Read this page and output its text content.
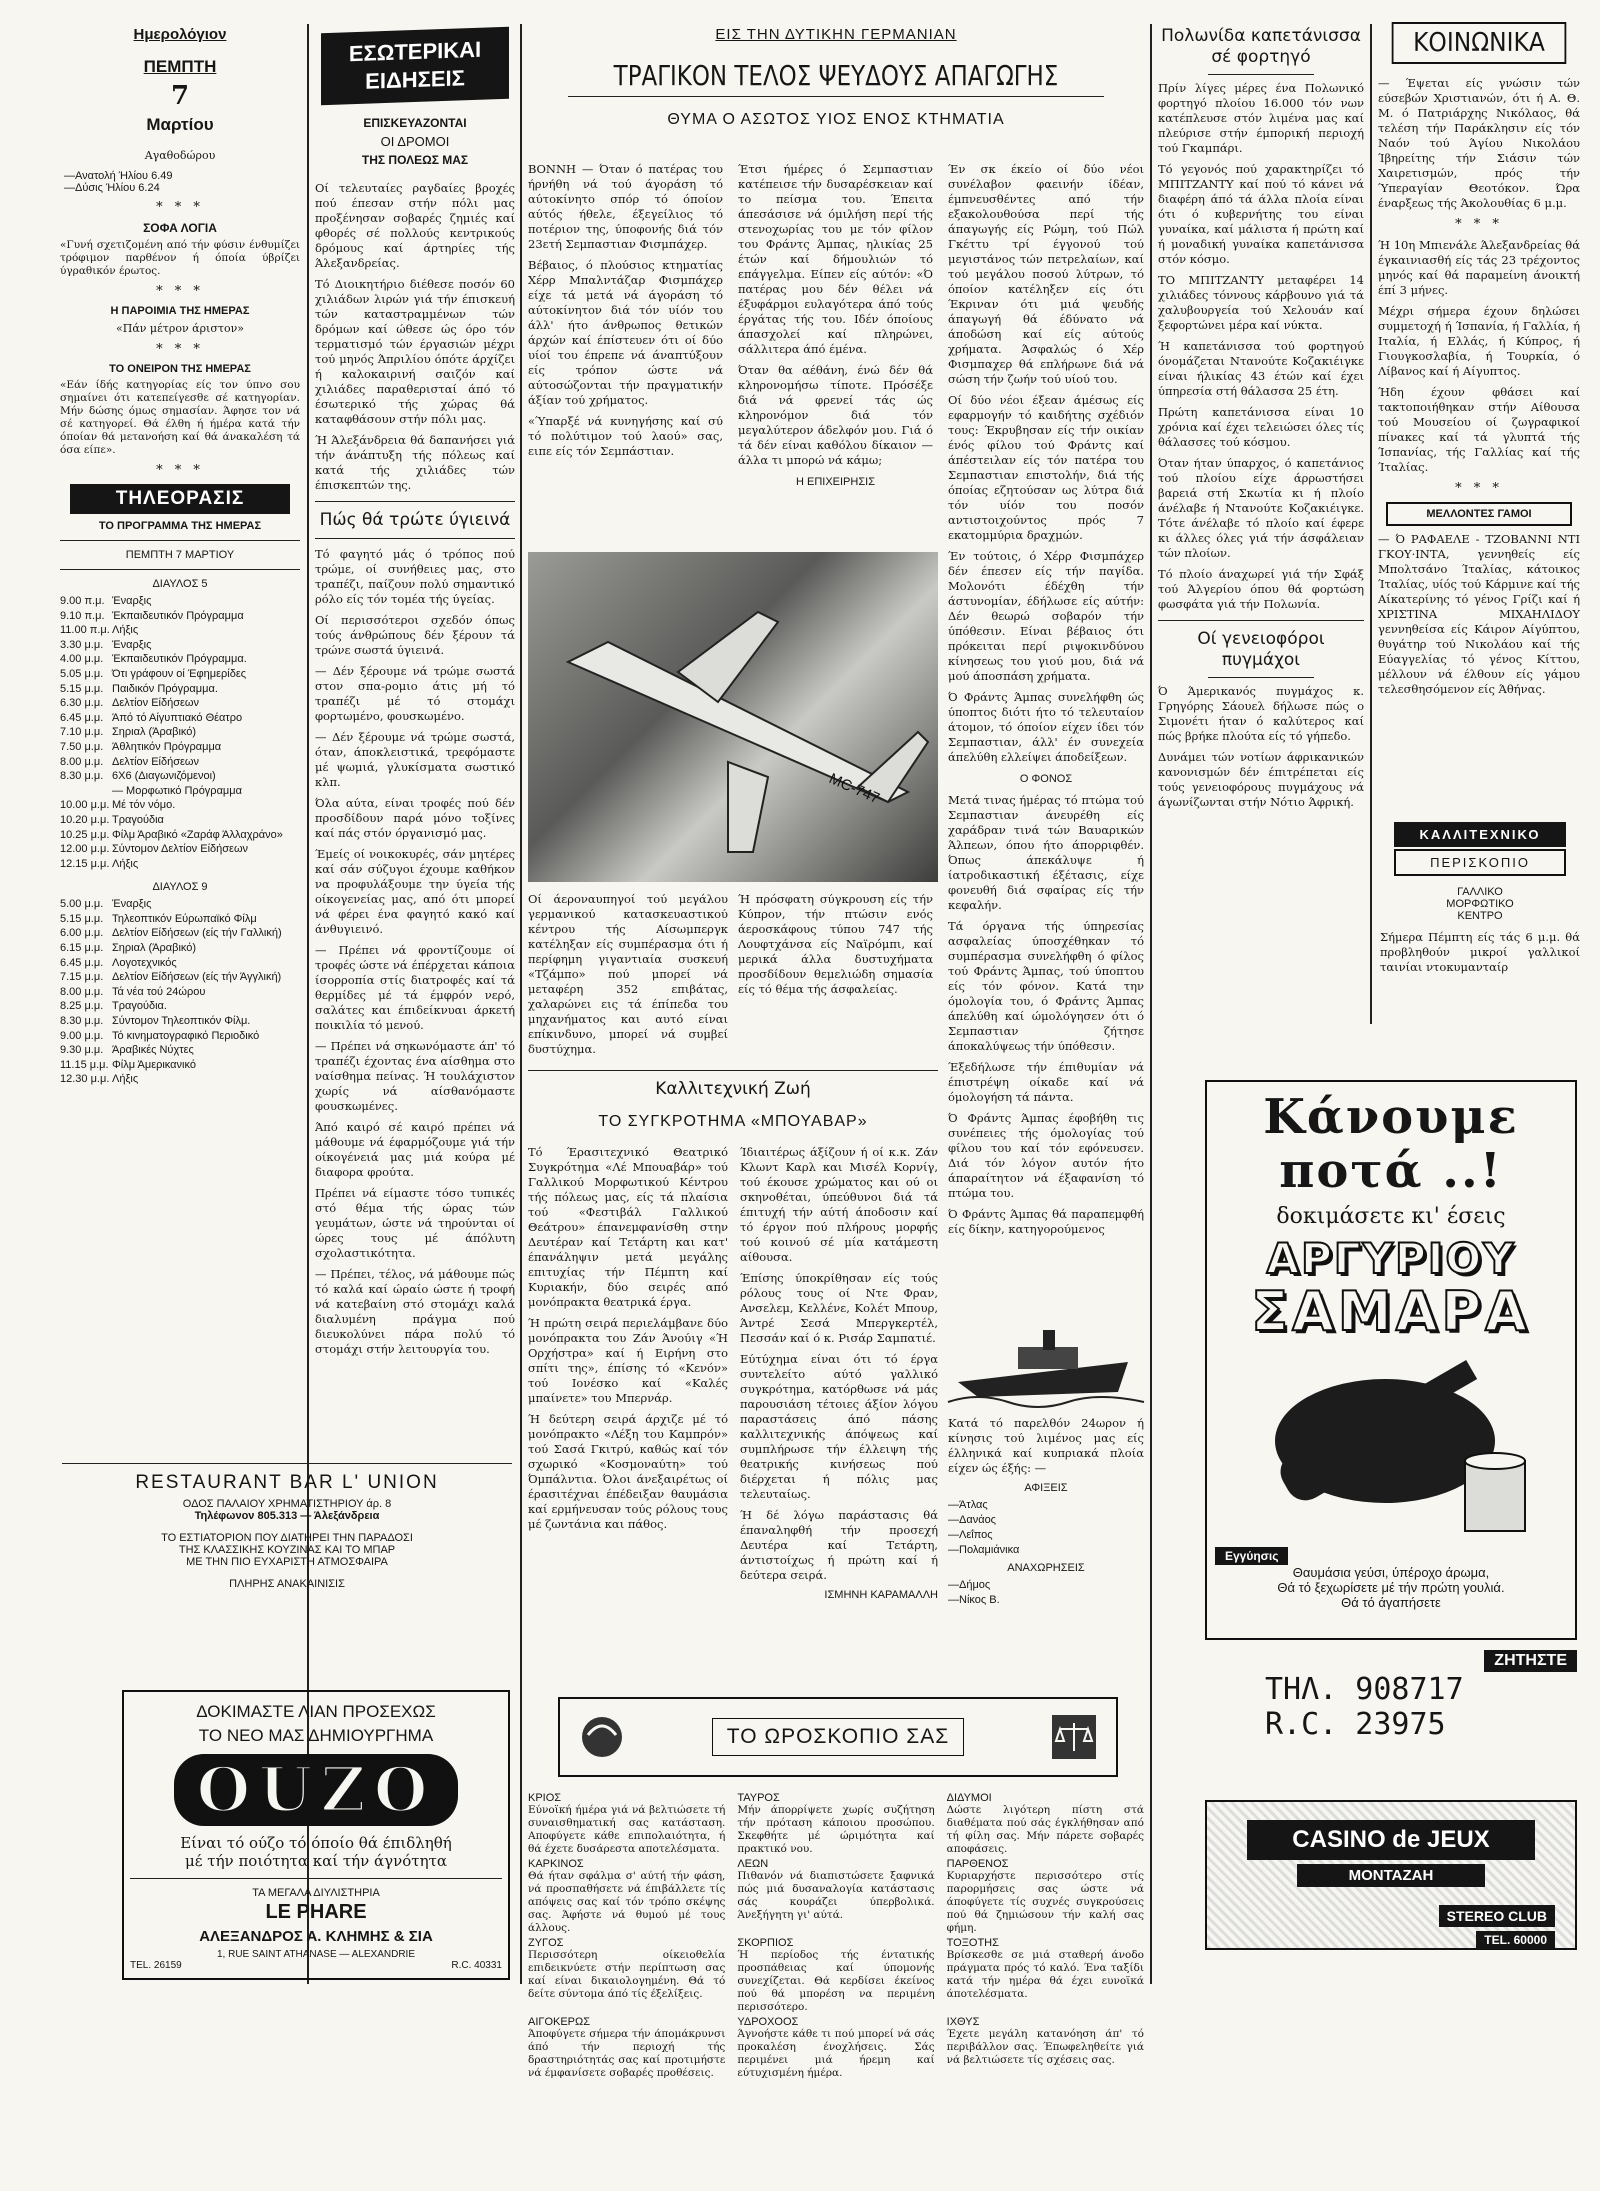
Ημερολόγιον
ΠΕΜΠΤΗ
7
Μαρτίου
Αγαθοδώρου
—Ανατολή Ήλίου 6.49
—Δύσις Ήλίου 6.24
* * *
ΣΟΦΑ ΛΟΓΙΑ

«Γυνή σχετιζομένη από τήν φύσιν ένθυμίζει τρόφιμον παρθένον ή όποία ύβρίζει ύγραθικόν έρωτος.

* * *
Η ΠΑΡΟΙΜΙΑ ΤΗΣ ΗΜΕΡΑΣ

«Πάν μέτρον άριστον»

* * *
ΤΟ ΟΝΕΙΡΟΝ ΤΗΣ ΗΜΕΡΑΣ

«Εάν ίδής κατηγορίας είς τον ύπνο σου σημαίνει ότι κατεπείγεσθε σέ κατηγορίαν. Μήν δώσης όμως σημασίαν. Άφησε τον νά σέ κατηγορεί. Θά έλθη ή ήμέρα κατά τήν όποίαν θά μετανοήση καί θά άνακαλέση τά όσα είπε».

* * *
ΤΗΛΕΟΡΑΣΙΣ
ΤΟ ΠΡΟΓΡΑΜΜΑ ΤΗΣ ΗΜΕΡΑΣ
ΠΕΜΠΤΗ 7 ΜΑΡΤΙΟΥ
ΔΙΑΥΛΟΣ 5
9.00 π.μ. Έναρξις
9.10 π.μ. Έκπαιδευτικόν Πρόγραμμα
11.00 π.μ. Λήξις
3.30 μ.μ. Έναρξις
4.00 μ.μ. Έκπαιδευτικόν Πρόγραμμα.
5.05 μ.μ. Ότι γράφουν οί Έφημερίδες
5.15 μ.μ. Παιδικόν Πρόγραμμα.
6.30 μ.μ. Δελτίον Είδήσεων
6.45 μ.μ. Άπό τό Αίγυπτιακό Θέατρο
7.10 μ.μ. Σηριαλ (Άραβικό)
7.50 μ.μ. Άθλητικόν Πρόγραμμα
8.00 μ.μ. Δελτίον Είδήσεων
8.30 μ.μ. 6Χ6 (Διαγωνιζόμενοι)
— Μορφωτικό Πρόγραμμα
10.00 μ.μ. Μέ τόν νόμο.
10.20 μ.μ. Τραγούδια
10.25 μ.μ. Φίλμ Άραβικό «Ζαράφ Άλλαχράνο»
12.00 μ.μ. Σύντομον Δελτίον Είδήσεων
12.15 μ.μ. Λήξις
ΔΙΑΥΛΟΣ 9
5.00 μ.μ. Έναρξις
5.15 μ.μ. Τηλεοπτικόν Εύρωπαϊκό Φίλμ
6.00 μ.μ. Δελτίον Είδήσεων (είς τήν Γαλλική)
6.15 μ.μ. Σηριαλ (Άραβικό)
6.45 μ.μ. Λογοτεχνικός
7.15 μ.μ. Δελτίον Είδήσεων (είς τήν Άγγλική)
8.00 μ.μ. Τά νέα τού 24ώρου
8.25 μ.μ. Τραγούδια.
8.30 μ.μ. Σύντομον Τηλεοπτικόν Φίλμ.
9.00 μ.μ. Τό κινηματογραφικό Περιοδικό
9.30 μ.μ. Άραβικές Νύχτες
11.15 μ.μ. Φίλμ Άμερικανικό
12.30 μ.μ. Λήξις
ΕΣΩΤΕΡΙΚΑΙ
ΕΙΔΗΣΕΙΣ
ΕΠΙΣΚΕΥΑΖΟΝΤΑΙ
ΟΙ ΔΡΟΜΟΙ
ΤΗΣ ΠΟΛΕΩΣ ΜΑΣ

Οί τελευταίες ραγδαίες βροχές πού έπεσαν στήν πόλι μας προξένησαν σοβαρές ζημιές καί φθορές σέ πολλούς κεντρικούς δρόμους καί άρτηρίες τής Άλεξανδρείας.

Τό Διοικητήριο διέθεσε ποσόν 60 χιλιάδων λιρών γιά τήν έπισκευή τών καταστραμμένων τών δρόμων καί ώθεσε ώς όρο τόν τερματισμό τών έργασιών μέχρι τού μηνός Άπριλίου όπότε άρχίζει ή καλοκαιρινή σαιζόν καί χιλιάδες παραθερισταί άπό τό έσωτερικό τής χώρας θά καταφθάσουν στήν πόλι μας.

Ή Άλεξάνδρεια θά δαπανήσει γιά τήν άνάπτυξη τής πόλεως καί κατά τής χιλιάδες τών έπισκεπτών της.

Πώς θά τρώτε ύγιεινά

Τό φαγητό μάς ό τρόπος πού τρώμε, οί συνήθειες μας, στο τραπέζι, παίζουν πολύ σημαντικό ρόλο είς τόν τομέα τής ύγείας.

Οί περισσότεροι σχεδόν όπως τούς άνθρώπους δέν ξέρουν τά τρώνε σωστά ύγιεινά.

— Δέν ξέρουμε νά τρώμε σωστά στον σπα-ρομιο άτις μή τό τραπέζι μέ τό στομάχι φορτωμένο, φουσκωμένο.

— Δέν ξέρουμε νά τρώμε σωστά, όταν, άποκλειστικά, τρεφόμαστε μέ ψωμιά, γλυκίσματα σωστικό κλπ.

Όλα αύτα, είναι τροφές πού δέν προσδίδουν παρά μόνο τοξίνες καί πάς στόν όργανισμό μας.

Έμείς οί νοικοκυρές, σάν μητέρες καί σάν σύζυγοι έχουμε καθήκον να προφυλάξουμε την ύγεία τής οίκογενείας μας, από ότι μπορεί νά φέρει ένα φαγητό κακό καί άνθυγιεινό.

— Πρέπει νά φροντίζουμε οί τροφές ώστε νά έπέρχεται κάποια ίσορροπία στίς διατροφές καί τά θερμίδες μέ τά έμφρόν νερό, σαλάτες και έπιδείκνυαι άρκετή ποικιλία τό μενού.

— Πρέπει νά σηκωνόμαστε άπ' τό τραπέζι έχοντας ένα αίσθημα στο ναίσθημα πείνας. Ή τουλάχιστον χωρίς νά αίσθανόμαστε φουσκωμένες.

Άπό καιρό σέ καιρό πρέπει νά μάθουμε νά έφαρμόζουμε γιά τήν οίκογένειά μας μιά κούρα μέ διαφορα φρούτα.

Πρέπει νά είμαστε τόσο τυπικές στό θέμα τής ώρας τών γευμάτων, ώστε νά τηρούνται οί ώρες τους μέ άπόλυτη σχολαστικότητα.

— Πρέπει, τέλος, νά μάθουμε πώς τό καλά καί ώραίο ώστε ή τροφή νά κατεβαίνη στό στομάχι καλά διαλυμένη πράγμα πού διευκολύνει πάρα πολύ τό στομάχι στήν λειτουργία του.

ΕΙΣ ΤΗΝ ΔΥΤΙΚΗΝ ΓΕΡΜΑΝΙΑΝ
ΤΡΑΓΙΚΟΝ ΤΕΛΟΣ ΨΕΥΔΟΥΣ ΑΠΑΓΩΓΗΣ
ΘΥΜΑ Ο ΑΣΩΤΟΣ ΥΙΟΣ ΕΝΟΣ ΚΤΗΜΑΤΙΑ

ΒΟΝΝΗ — Όταν ό πατέρας του ήρνήθη νά τού άγοράση τό αύτοκίνητο σπόρ τό όποίον αύτός ήθελε, έξεγείλιος τό ποτέριον της, ύποφονής διά τόν 23ετή Σεμπαστιαν Φισμπάχερ.

Βέβαιος, ό πλούσιος κτηματίας Χέρρ Μπαλντάζαρ Φισμπάχερ είχε τά μετά νά άγοράση τό αύτοκίνητον διά τόν υίόν του άλλ' ήτο άνθρωπος θετικών άρχών καί έπίστευεν ότι οί δύο υίοί του έπρεπε νά άναπτύξουν είς τρόπον ώστε νά αύτοσώζονται τήν πραγματικήν άξίαν τού χρήματος.

«Ύπαρξέ νά κυνηγήσης καί σύ τό πολύτιμον τού λαού» σας, ειπε είς τόν Σεμπάστιαν.

Έτσι ήμέρες ό Σεμπαστιαν κατέπεισε τήν δυσαρέσκειαν καί το πείσμα του. Έπειτα άπεσάσισε νά όμιλήση περί τής στενοχωρίας του με τόν φίλον του Φράντς Άμπας, ηλικίας 25 έτών καί δήμουλιών τό επάγγελμα. Είπεν είς αύτόν: «Ό πατέρας μου δέν θέλει νά έξυφάρμοι ευλαγότερα άπό τούς έργάτας τής του. Ιδέν όποίους άπασχολεί καί πληρώνει, σάλλιτερα άπό έμένα.

Όταν θα αέθάνη, ένώ δέν θά κληρονομήσω τίποτε. Πρόσέξε διά νά φρενεί τάς ώς κληρονόμον διά τόν μεγαλύτερον άδελφόν μου. Γιά ό τά δέν είναι καθόλου δίκαιον — άλλα τι μπορώ νά κάμω;

Η ΕΠΙΧΕΙΡΗΣΙΣ

Έν σκ έκείο οί δύο νέοι συνέλαβον φαεινήν ίδέαν, έμπνευσθέντες από τήν εξακολουθούσα περί τής άπαγωγής είς Ρώμη, τού Πώλ Γκέττυ τρί έγγονού τού μεγιστάνος τών πετρελαίων, καί τού μεγάλου ποσού λύτρων, τό όποίον κατέληξεν είς ότι Έκριναν ότι μιά ψευδής άπαγωγή θά έδύνατο νά άποδώση καί είς αύτούς χρήματα. Άσφαλώς ό Χέρ Φισμπαχερ θά επλήρωνε διά νά σώση τήν ζωήν τού υίού του.

Οί δύο νέοι έξεαν άμέσως είς εφαρμογήν τό καιδήτης σχέδιόν τους: Έκρυβησαν είς τήν οικίαν ένός φίλου τού Φράντς καί άπέστειλαν είς τόν πατέρα του Σεμπαστιαν επιστολήν, διά τής όποίας εζητούσαν ως λύτρα διά τόν υίόν του ποσόν αντιστοιχούντος πρός 7 εκατομμύρια δραχμών.

Έν τούτοις, ό Χέρρ Φισμπάχερ δέν έπεσεν είς τήν παγίδα. Μολονότι έδέχθη τήν άστυνομίαν, έδήλωσε είς αύτήν: Δέν θεωρώ σοβαρόν τήν ύπόθεσιν. Είναι βέβαιος ότι πρόκειται περί ριψοκινδύνου κίνησεως του γιού μου, διά νά μού άποσπάση χρήματα.

Ό Φράντς Άμπας συνελήφθη ώς ύποπτος διότι ήτο τό τελευταίον άτομον, τό όποίον είχεν ίδει τόν Σεμπαστιαν, άλλ' έν συνεχεία άπελύθη ελλείψει άποδείξεων.

Ο ΦΟΝΟΣ

Μετά τινας ήμέρας τό πτώμα τού Σεμπαστιαν άνευρέθη είς χαράδραν τινά τών Βαυαρικών Άλπεων, όπου ήτο άπορριφθέν. Όπως άπεκάλυψε ή ίατροδικαστική έξέτασις, είχε φονευθή διά σφαίρας είς τήν κεφαλήν.

Τά όργανα τής ύπηρεσίας ασφαλείας ύποσχέθηκαν τό συμπέρασμα συνελήφθη ό φίλος τού Φράντς Άμπας, τού ύποπτου είς τόν φόνον. Κατά την όμολογία του, ό Φράντς Άμπας άπελύθη καί ώμολόγησεν ότι ό Σεμπαστιαν ζήτησε άποκαλύψεως τήν ύπόθεσιν.

Έξεδήλωσε τήν έπιθυμίαν νά έπιστρέψη οίκαδε καί νά όμολογήση τά πάντα.

Ό Φράντς Άμπας έφοβήθη τις συνέπειες τής όμολογίας τού φίλου του καί τόν εφόνευσεν. Διά τόν λόγον αυτόν ήτο άπαραίτητον νά έξαφανίση τό πτώμα του.

Ό Φράντς Άμπας θά παραπεμφθή είς δίκην, κατηγορούμενος

MC-747

Οί άεροναυπηγοί τού μεγάλου γερμανικού κατασκευαστικού κέντρου τής Αίσωμπεργκ κατέληξαν είς συμπέρασμα ότι ή περίφημη γιγαντιαία συσκευή «Τζάμπο» πού μπορεί νά μεταφέρη 352 επιβάτας, χαλαρώνει εις τά έπίπεδα του μηχανήματος και αυτό είναι επίκινδυνο, μπορεί νά συμβεί δυστύχημα.

Ή πρόσφατη σύγκρουση είς τήν Κύπρον, τήν πτώσιν ενός άεροσκάφους τύπου 747 τής Λουφτχάνσα είς Ναϊρόμπι, καί μερικά άλλα δυστυχήματα προσδίδουν θεμελιώδη σημασία είς τό θέμα τής άσφαλείας.

Καλλιτεχνική Ζωή
ΤΟ ΣΥΓΚΡΟΤΗΜΑ «ΜΠΟΥΑΒΑΡ»

Τό Έρασιτεχνικό Θεατρικό Συγκρότημα «Λέ Μπουαβάρ» τού Γαλλικού Μορφωτικού Κέντρου τής πόλεως μας, είς τά πλαίσια τού «Φεστιβάλ Γαλλικού Θεάτρου» έπανεμφανίσθη στην Δευτέραν καί Τετάρτη και κατ' έπανάληψιν μετά μεγάλης επιτυχίας τήν Πέμπτη καί Κυριακήν, δύο σειρές από μονόπρακτα θεατρικά έργα.

Ή πρώτη σειρά περιελάμβανε δύο μονόπρακτα του Ζάν Άνούιγ «Ή Ορχήστρα» καί ή Ειρήνη στο σπίτι της», έπίσης τό «Κενόν» τού Ιονέσκο καί «Καλές μπαίνετε» του Μπερνάρ.

Ή δεύτερη σειρά άρχιζε μέ τό μονόπρακτο «Λέξη του Καμπρόν» τού Σασά Γκιτρύ, καθώς καί τόν σχωρικό «Κοσμοναύτη» τού Όμπάλντια. Όλοι άνεξαιρέτως οί έρασιτέχναι έπέδειξαν θαυμάσια καί ερμήνευσαν τούς ρόλους τους μέ ζωντάνια και πάθος.

Ίδιαιτέρως άξίζουν ή οί κ.κ. Ζάν Κλωντ Καρλ και Μισέλ Κορνίγ, τού έκουσε χρώματος και ού οι σκηνοθέται, ύπεύθυνοι διά τά έπιτυχή τήν αύτή άποδοσιν καί τό έργον πού πλήρους μορφής τού κοινού σέ μία κατάμεστη αίθουσα.

Έπίσης ύποκρίθησαν είς τούς ρόλους τους οί Ντε Φραν, Ανσελεμ, Κελλένε, Κολέτ Μπουρ, Άντρέ Σεσά Μπεργκερτέλ, Πεσσάν καί ό κ. Ρισάρ Σαμπατιέ.

Εύτύχημα είναι ότι τό έργα συντελείτο αύτό γαλλικό συγκρότημα, κατόρθωσε νά μάς παρουσιάση τέτοιες άξίον λόγου παραστάσεις άπό πάσης καλλιτεχνικής άπόψεως καί συμπλήρωσε τήν έλλειψη τής θεατρικής κινήσεως πού διέρχεται ή πόλις μας τελευταίως.

Ή δέ λόγω παράστασις θά έπαναληφθή τήν προσεχή Δευτέρα καί Τετάρτη, άντιστοίχως ή πρώτη καί ή δεύτερα σειρά.

ΙΣΜΗΝΗ ΚΑΡΑΜΑΛΛΗ

Κατά τό παρελθόν 24ωρον ή κίνησις τού λιμένος μας είς έλληνικά καί κυπριακά πλοία είχεν ώς έξής: —

ΑΦΙΞΕΙΣ
—Άτλας
—Δανάος
—Λεΐπος
—Πολαμιάνικα
ΑΝΑΧΩΡΗΣΕΙΣ
—Δήμος
—Νίκος Β.
ΤΟ ΩΡΟΣΚΟΠΙΟ ΣΑΣ
ΚΡΙΟΣ

Εύνοϊκή ήμέρα γιά νά βελτιώσετε τή συναισθηματική σας κατάσταση. Αποφύγετε κάθε επιπολαιότητα, ή θά έχετε δυσάρεστα αποτελέσματα.

ΤΑΥΡΟΣ

Μήν άπορρίψετε χωρίς συζήτηση τήν πρόταση κάποιου προσώπου. Σκεφθήτε μέ ώριμότητα καί πρακτικό νου.

ΔΙΔΥΜΟΙ

Δώστε λιγότερη πίστη στά διαθέματα πού σάς έγκλήθησαν από τή φίλη σας. Μήν πάρετε σοβαρές αποφάσεις.

ΚΑΡΚΙΝΟΣ

Θά ήταν σφάλμα σ' αύτή τήν φάση, νά προσπαθήσετε νά έπιβάλλετε τίς απόψεις σας καί τόν τρόπο σκέψης σας. Άφήστε νά θυμού μέ τους άλλους.

ΛΕΩΝ

Πιθανόν νά διαπιστώσετε ξαφνικά πώς μιά δυσαναλογία κατάστασις σάς κουράζει ύπερβολικά. Άνεξήγητη γι' αύτά.

ΠΑΡΘΕΝΟΣ

Κυριαρχήστε περισσότερο στίς παρορμήσεις σας ώστε νά άποφύγετε τίς συχνές συγκρούσεις πού θά ζημιώσουν τήν καλή σας φήμη.

ΖΥΓΟΣ

Περισσότερη οίκειοθελία επιδεικνύετε στήν περίπτωση σας καί είναι δικαιολογημένη. Θά τό δείτε σύντομα άπό τίς έξελίξεις.

ΣΚΟΡΠΙΟΣ

Ή περίοδος τής έντατικής προσπάθειας καί ύπομονής συνεχίζεται. Θά κερδίσει έκείνος πού θά μπορέση να περιμένη περισσότερο.

ΤΟΞΟΤΗΣ

Βρίσκεσθε σε μιά σταθερή άνοδο πράγματα πρός τό καλό. Ένα ταξίδι κατά τήν ημέρα θά έχει ευνοϊκά άποτελέσματα.

ΑΙΓΟΚΕΡΩΣ

Άποφύγετε σήμερα τήν άπομάκρυνσι άπό τήν περιοχή τής δραστηριότητάς σας καί προτιμήστε νά έμφανίσετε σοβαρές προθέσεις.

ΥΔΡΟΧΟΟΣ

Άγνοήστε κάθε τι πού μπορεί νά σάς προκαλέση ένοχλήσεις. Σάς περιμένει μιά ήρεμη καί εύτυχισμένη ήμέρα.

ΙΧΘΥΣ

Έχετε μεγάλη κατανόηση άπ' τό περιβάλλον σας. Έπωφεληθείτε γιά νά βελτιώσετε τίς σχέσεις σας.

Πολωνίδα καπετάνισσα σέ φορτηγό

Πρίν λίγες μέρες ένα Πολωνικό φορτηγό πλοίου 16.000 τόν νων κατέπλευσε στόν λιμένα μας καί πλεύρισε στήν έμπορική περιοχή τού Γκαμπάρι.

Τό γεγονός πού χαρακτηρίζει τό ΜΠΙΤΖΑΝΤΥ καί πού τό κάνει νά διαφέρη άπό τά άλλα πλοία είναι ότι ό κυβερνήτης του είναι γυναίκα, καί μάλιστα ή πρώτη καί ή μοναδική γυναίκα καπετάνισσα στόν κόσμο.

ΤΟ ΜΠΙΤΖΑΝΤΥ μεταφέρει 14 χιλιάδες τόννους κάρβουνο γιά τά χαλυβουργεία τού Χελουάν καί ξεφορτώνει μέρα καί νύκτα.

Ή καπετάνισσα τού φορτηγού όνομάζεται Ντανούτε Κοζακιέιγκε είναι ήλικίας 43 έτών καί έχει ύπηρεσία στή θάλασσα 25 έτη.

Πρώτη καπετάνισσα είναι 10 χρόνια καί έχει τελειώσει όλες τίς θάλασσες τού κόσμου.

Όταν ήταν ύπαρχος, ό καπετάνιος τού πλοίου είχε άρρωστήσει βαρειά στή Σκωτία κι ή πλοίο άνέλαβε ή Ντανούτε Κοζακιέιγκε. Τότε άνέλαβε τό πλοίο καί έφερε κι άλλες όλες γιά τήν άσφάλειαν τών πλοίων.

Τό πλοίο άναχωρεί γιά τήν Σφάξ τού Άλγερίου όπου θά φορτώση φωσφάτα γιά τήν Πολωνία.

Οί γενειοφόροι πυγμάχοι

Ό Άμερικανός πυγμάχος κ. Γρηγόρης Σάουελ δήλωσε πώς ο Σιμονέτι ήταν ό καλύτερος καί πώς βρήκε πλούτα είς τό γήπεδο.

Δυνάμει τών νοτίων άφρικανικών κανονισμών δέν έπιτρέπεται είς τούς γενειοφόρους πυγμάχους νά άγωνίζωνται στήν Νότιο Άφρική.

ΚΟΙΝΩΝΙΚΑ

— Έψεται είς γνώσιν τών εύσεβών Χριστιανών, ότι ή Α. Θ. Μ. ό Πατριάρχης Νικόλαος, θά τελέση τήν Παράκλησιν είς τόν Ναόν τού Άγίου Νικολάου Ίβηρείτης τήν Σιάσιν τών Χαιρετισμών, πρός τήν Ύπεραγίαν Θεοτόκον. Ώρα έναρξεως τής Άκολουθίας 6 μ.μ.

* * *

Ή 10η Μπιενάλε Άλεξανδρείας θά έγκαινιασθή είς τάς 23 τρέχοντος μηνός καί θά παραμείνη άνοικτή έπί 3 μήνες.

Μέχρι σήμερα έχουν δηλώσει συμμετοχή ή Ίσπανία, ή Γαλλία, ή Ιταλία, ή Ελλάς, ή Κύπρος, ή Γιουγκοσλαβία, ή Τουρκία, ό Λίβανος καί ή Αίγυπτος.

Ήδη έχουν φθάσει καί τακτοποιήθηκαν στήν Αίθουσα τού Μουσείου οί ζωγραφικοί πίνακες καί τά γλυπτά τής Ίσπανίας, τής Γαλλίας καί τής Ίταλίας.

* * *
ΜΕΛΛΟΝΤΕΣ ΓΑΜΟΙ

— Ό ΡΑΦΑΕΛΕ - ΤΖΟΒΑΝΝΙ ΝΤΙ ΓΚΟΥ·ΙΝΤΑ, γεννηθείς είς Μπολτσάνο Ίταλίας, κάτοικος Ίταλίας, υίός τού Κάρμινε καί τής Αίκατερίνης τό γένος Γρίζι καί ή ΧΡΙΣΤΙΝΑ ΜΙΧΑΗΛΙΔΟΥ γεννηθείσα είς Κάιρον Αίγύπτου, θυγάτηρ τού Νικολάου καί τής Εύαγγελίας τό γένος Κίττου, μέλλουν νά έλθουν είς γάμου τελεσθησόμενον είς Άθήνας.

ΚΑΛΛΙΤΕΧΝΙΚΟ
ΠΕΡΙΣΚΟΠΙΟ
ΓΑΛΛΙΚΟ
ΜΟΡΦΩΤΙΚΟ
ΚΕΝΤΡΟ

Σήμερα Πέμπτη είς τάς 6 μ.μ. θά προβληθούν μικροί γαλλικοί ταινίαι ντοκυμανταίρ

RESTAURANT BAR L' UNION
ΟΔΟΣ ΠΑΛΑΙΟΥ ΧΡΗΜΑΤΙΣΤΗΡΙΟΥ άρ. 8
Τηλέφωνον 805.313 — Άλεξάνδρεια
ΤΟ ΕΣΤΙΑΤΟΡΙΟΝ ΠΟΥ ΔΙΑΤΗΡΕΙ ΤΗΝ ΠΑΡΑΔΟΣΙ
ΤΗΣ ΚΛΑΣΣΙΚΗΣ ΚΟΥΖΙΝΑΣ ΚΑΙ ΤΟ ΜΠΑΡ
ΜΕ ΤΗΝ ΠΙΟ ΕΥΧΑΡΙΣΤΗ ΑΤΜΟΣΦΑΙΡΑ
ΠΛΗΡΗΣ ΑΝΑΚΑΙΝΙΣΙΣ
ΔΟΚΙΜΑΣΤΕ ΛΙΑΝ ΠΡΟΣΕΧΩΣ
ΤΟ ΝΕΟ ΜΑΣ ΔΗΜΙΟΥΡΓΗΜΑ
OUZO
Είναι τό ούζο τό όποίο θά έπιδληθή
μέ τήν ποιότητα καί τήν άγνότητα
ΤΑ ΜΕΓΑΛΑ ΔΙΥΛΙΣΤΗΡΙΑ
LE PHARE
ΑΛΕΞΑΝΔΡΟΣ Α. ΚΛΗΜΗΣ & ΣΙΑ
1, RUE SAINT ATHANASE — ALEXANDRIE
TEL. 26159	R.C. 40331
Κάνουμε
ποτά ..!
δοκιμάσετε κι' έσεις
ΑΡΓΥΡΙΟΥ
ΣΑΜΑΡΑ
Εγγύησις
Θαυμάσια γεύσι, ύπέροχο άρωμα,
Θά τό ξεχωρίσετε μέ τήν πρώτη γουλιά.
Θά τό άγαπήσετε
ΖΗΤΗΣΤΕ
ΤΗΛ. 908717
R.C. 23975
CASINO de JEUX
MONTAZAH
STEREO CLUB
TEL. 60000
